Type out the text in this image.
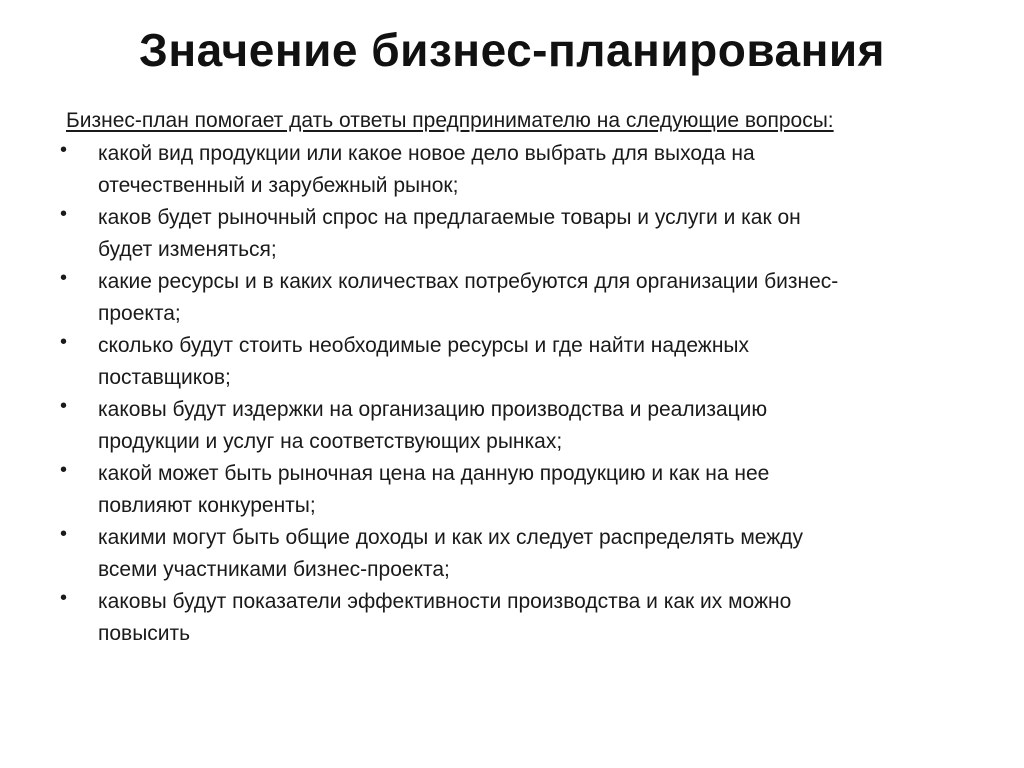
Значение бизнес-планирования
Бизнес-план помогает дать ответы предпринимателю на следующие вопросы:
•	какой вид продукции или какое новое дело выбрать для выхода на
отечественный и зарубежный рынок;
•	каков будет рыночный спрос на предлагаемые товары и услуги и как он
будет изменяться;
•	какие ресурсы и в каких количествах потребуются для организации бизнес-
проекта;
•	сколько будут стоить необходимые ресурсы и где найти надежных
поставщиков;
•	каковы будут издержки на организацию производства и реализацию
продукции и услуг на соответствующих рынках;
•	какой может быть рыночная цена на данную продукцию и как на нее
повлияют конкуренты;
•	какими могут быть общие доходы и как их следует распределять между
всеми участниками бизнес-проекта;
•	каковы будут показатели эффективности производства и как их можно
повысить
